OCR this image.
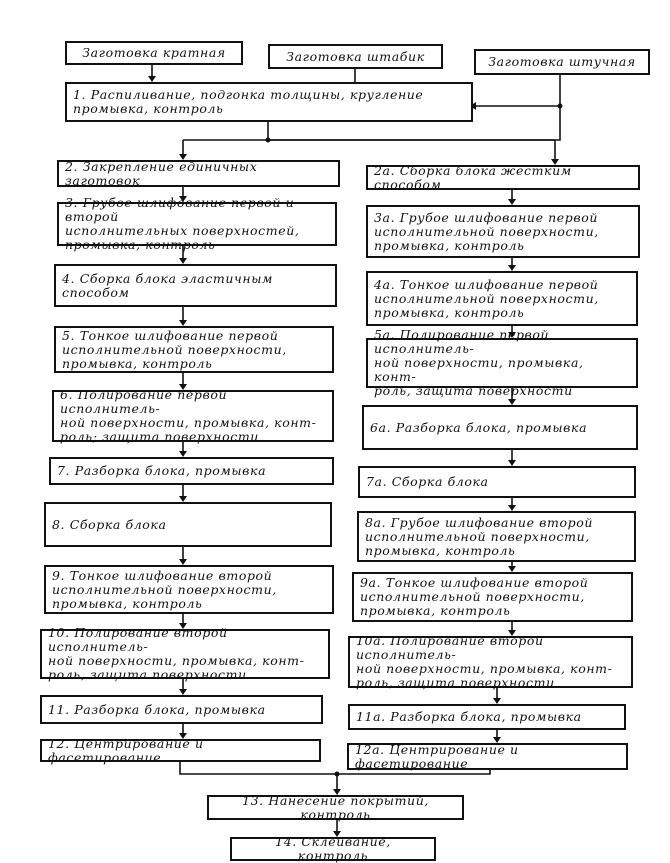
Заготовка кратная	Заготовка штабик	Заготовка штучная
1. Распиливание, подгонка толщины, кругление
промывка, контроль
2. Закрепление единичных заготовок
3. Грубое шлифование первой и второй
исполнительных поверхностей,
промывка, контроль
4. Сборка блока эластичным способом
5. Тонкое шлифование первой
исполнительной поверхности,
промывка, контроль
6. Полирование первой исполнитель-
ной поверхности, промывка, конт-
роль; защита поверхности
7. Разборка блока, промывка
8. Сборка блока
9. Тонкое шлифование второй
исполнительной поверхности,
промывка, контроль
10. Полирование второй исполнитель-
ной поверхности, промывка, конт-
роль, защита поверхности
11. Разборка блока, промывка
12. Центрирование и фасетирование
2а. Сборка блока жестким способом
3а. Грубое шлифование первой
исполнительной поверхности,
промывка, контроль
4а. Тонкое шлифование первой
исполнительной поверхности,
промывка, контроль
5а. Полирование первой исполнитель-
ной поверхности, промывка, конт-
роль, защита поверхности
6а. Разборка блока, промывка
7а. Сборка блока
8а. Грубое шлифование второй
исполнительной поверхности,
промывка, контроль
9а. Тонкое шлифование второй
исполнительной поверхности,
промывка, контроль
10а. Полирование второй исполнитель-
ной поверхности, промывка, конт-
роль, защита поверхности
11а. Разборка блока, промывка
12а. Центрирование и фасетирование
13. Нанесение покрытий, контроль
14. Склеивание, контроль
